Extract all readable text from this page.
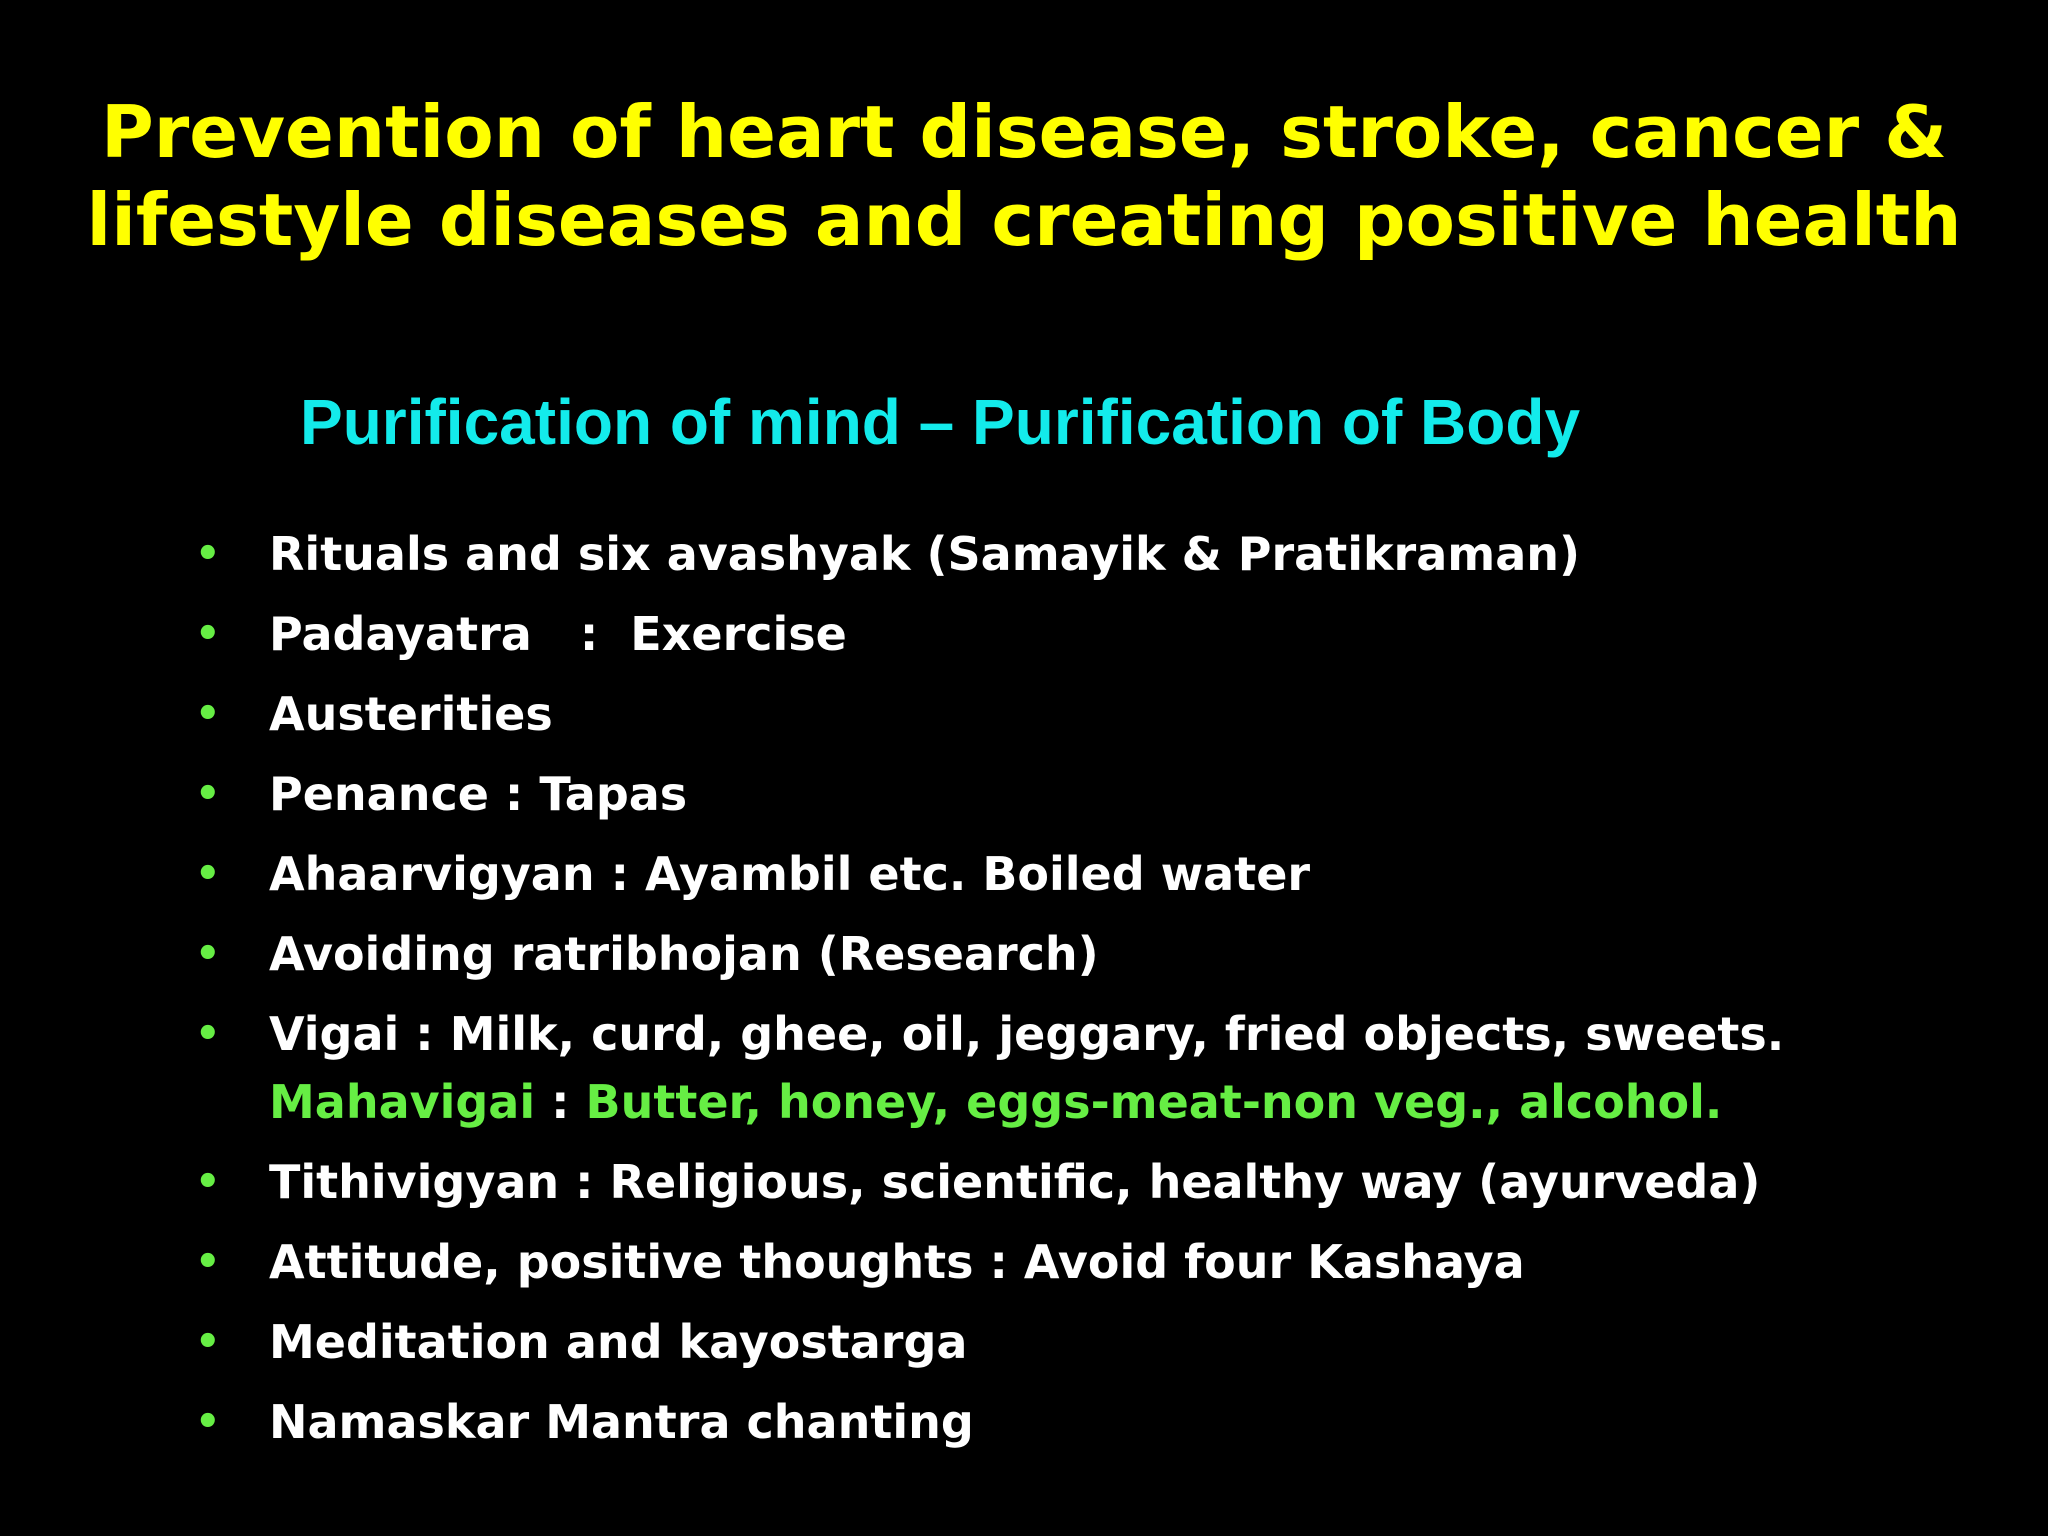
Prevention of heart disease, stroke, cancer &
lifestyle diseases and creating positive health
Purification of mind – Purification of Body
• Rituals and six avashyak (Samayik & Pratikraman)
• Padayatra   :  Exercise
• Austerities
• Penance : Tapas
• Ahaarvigyan : Ayambil etc. Boiled water
• Avoiding ratribhojan (Research)
• Vigai : Milk, curd, ghee, oil, jeggary, fried objects, sweets.
Mahavigai : Butter, honey, eggs-meat-non veg., alcohol.
• Tithivigyan : Religious, scientific, healthy way (ayurveda)
• Attitude, positive thoughts : Avoid four Kashaya
• Meditation and kayostarga
• Namaskar Mantra chanting
